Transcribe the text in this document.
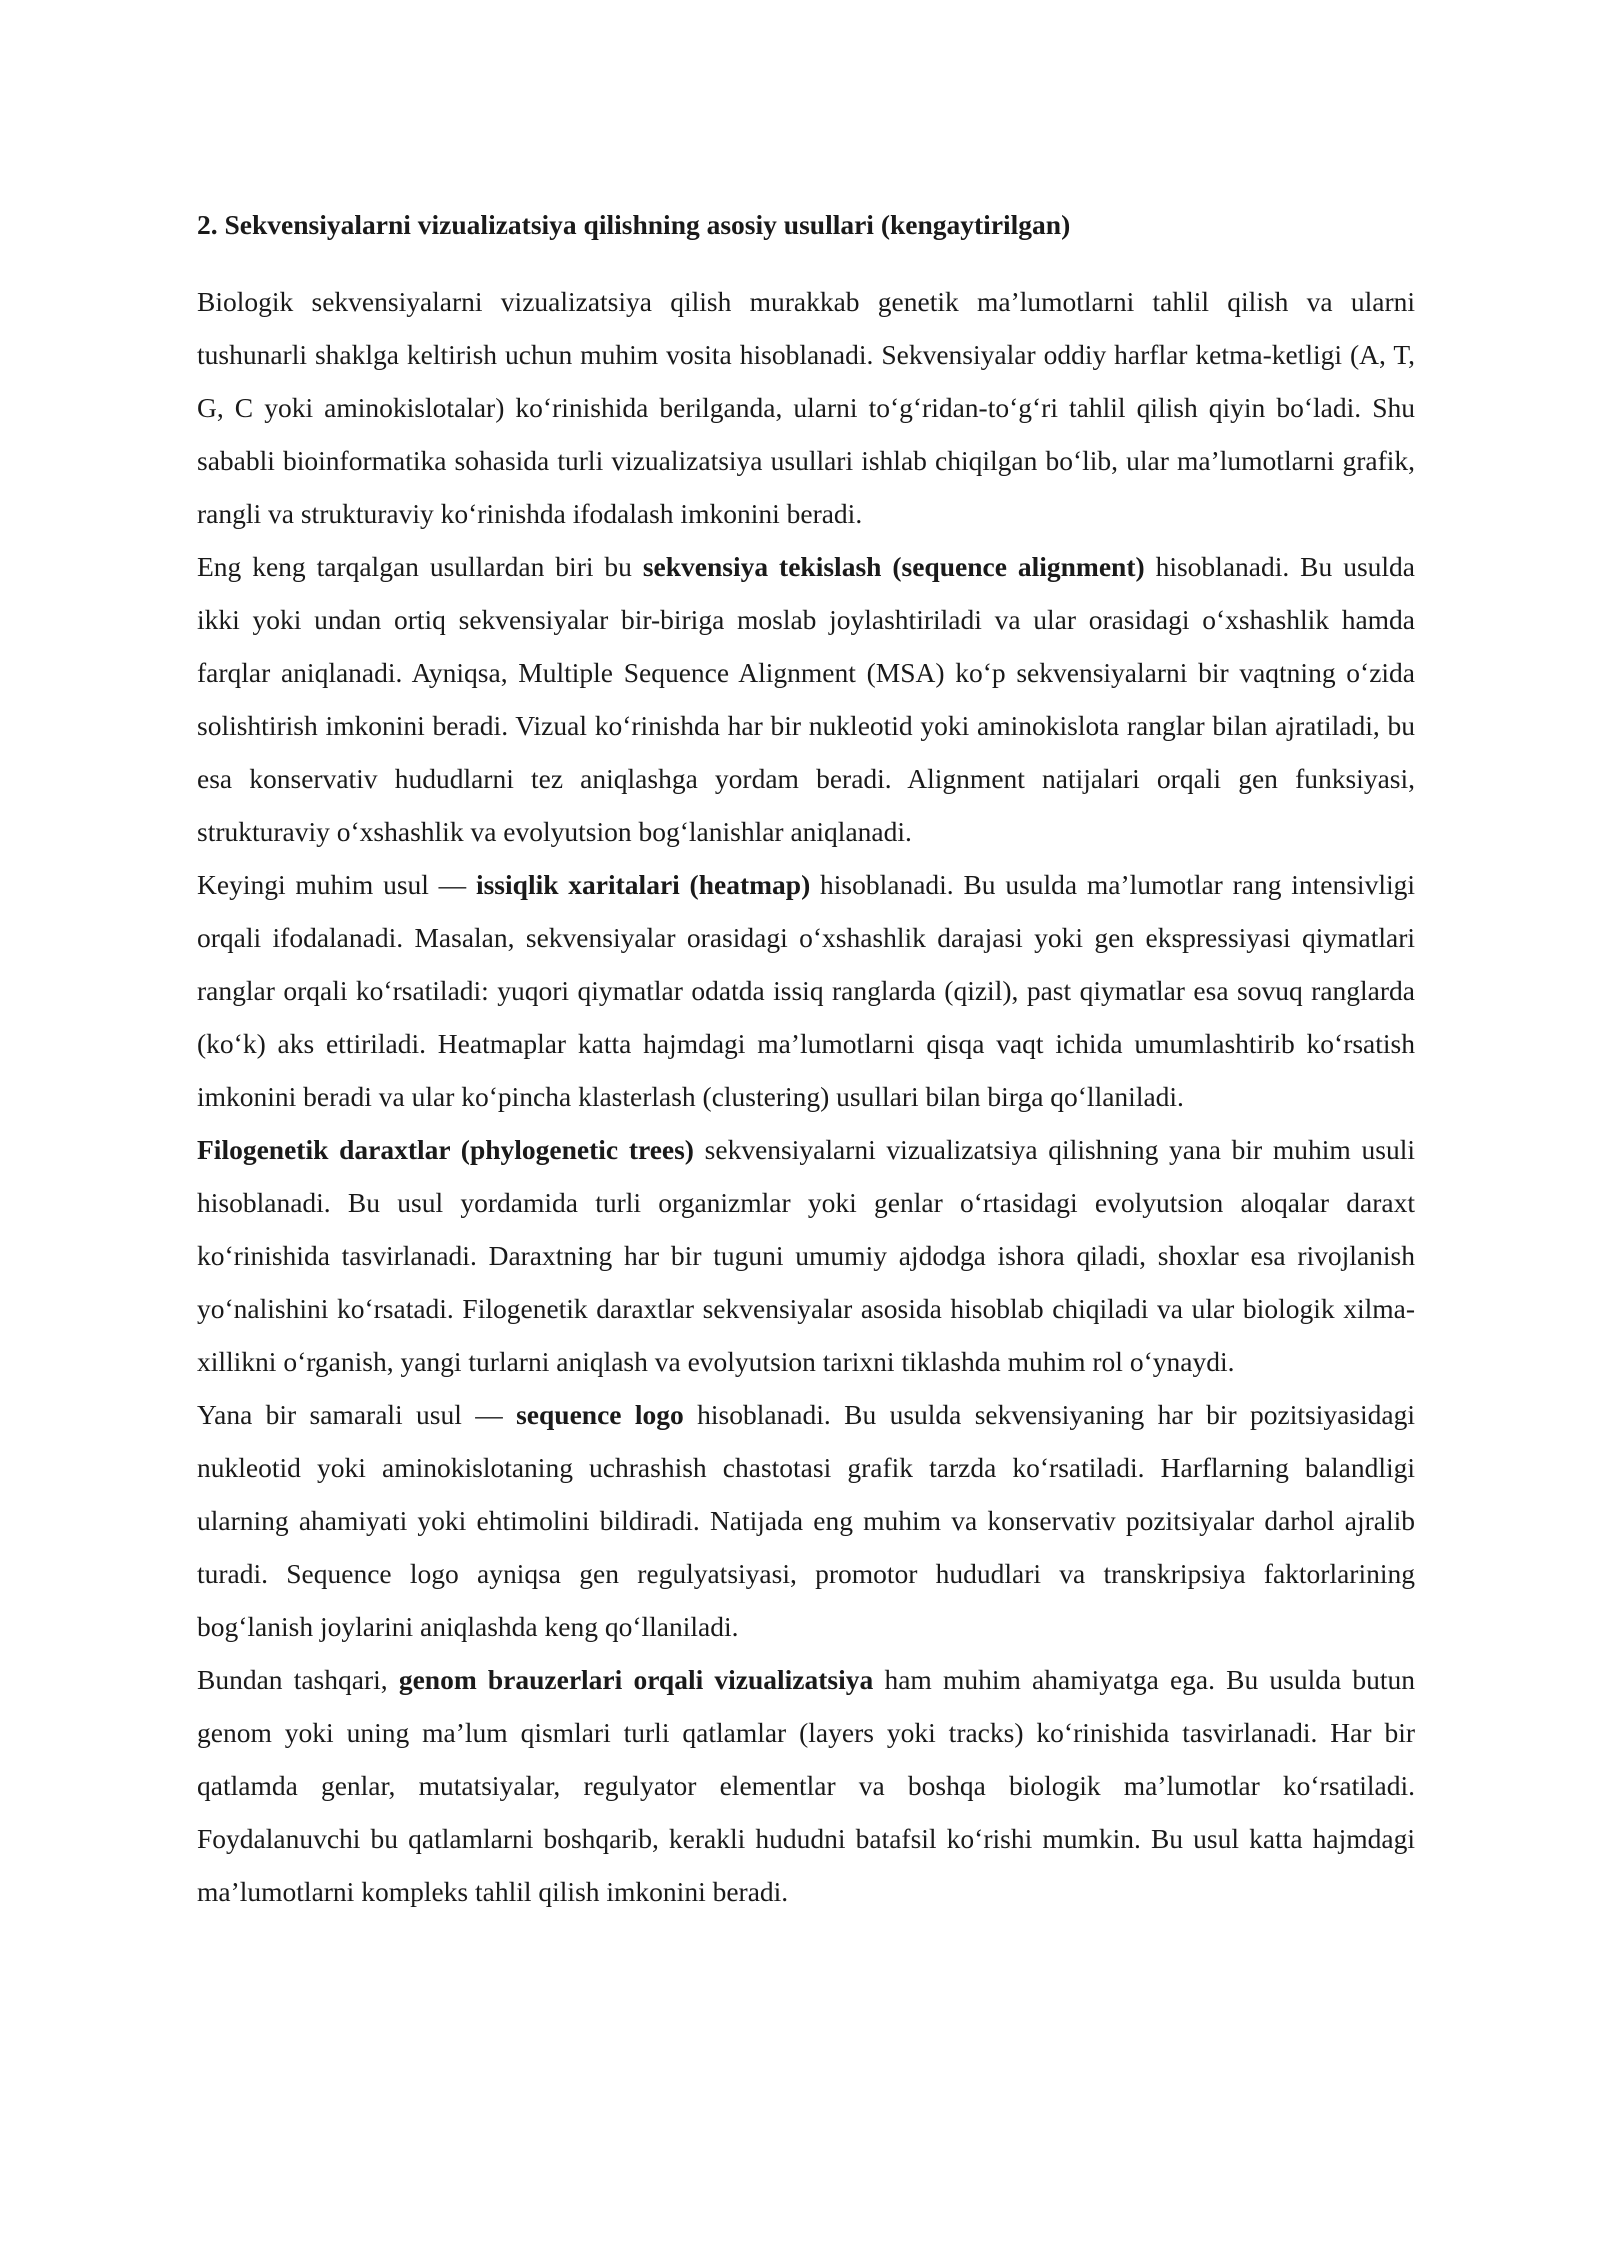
2. Sekvensiyalarni vizualizatsiya qilishning asosiy usullari (kengaytirilgan)

Biologik sekvensiyalarni vizualizatsiya qilish murakkab genetik ma’lumotlarni tahlil qilish va ularni tushunarli shaklga keltirish uchun muhim vosita hisoblanadi. Sekvensiyalar oddiy harflar ketma-ketligi (A, T, G, C yoki aminokislotalar) ko‘rinishida berilganda, ularni to‘g‘ridan-to‘g‘ri tahlil qilish qiyin bo‘ladi. Shu sababli bioinformatika sohasida turli vizualizatsiya usullari ishlab chiqilgan bo‘lib, ular ma’lumotlarni grafik, rangli va strukturaviy ko‘rinishda ifodalash imkonini beradi.

Eng keng tarqalgan usullardan biri bu sekvensiya tekislash (sequence alignment) hisoblanadi. Bu usulda ikki yoki undan ortiq sekvensiyalar bir-biriga moslab joylashtiriladi va ular orasidagi o‘xshashlik hamda farqlar aniqlanadi. Ayniqsa, Multiple Sequence Alignment (MSA) ko‘p sekvensiyalarni bir vaqtning o‘zida solishtirish imkonini beradi. Vizual ko‘rinishda har bir nukleotid yoki aminokislota ranglar bilan ajratiladi, bu esa konservativ hududlarni tez aniqlashga yordam beradi. Alignment natijalari orqali gen funksiyasi, strukturaviy o‘xshashlik va evolyutsion bog‘lanishlar aniqlanadi.

Keyingi muhim usul — issiqlik xaritalari (heatmap) hisoblanadi. Bu usulda ma’lumotlar rang intensivligi orqali ifodalanadi. Masalan, sekvensiyalar orasidagi o‘xshashlik darajasi yoki gen ekspressiyasi qiymatlari ranglar orqali ko‘rsatiladi: yuqori qiymatlar odatda issiq ranglarda (qizil), past qiymatlar esa sovuq ranglarda (ko‘k) aks ettiriladi. Heatmaplar katta hajmdagi ma’lumotlarni qisqa vaqt ichida umumlashtirib ko‘rsatish imkonini beradi va ular ko‘pincha klasterlash (clustering) usullari bilan birga qo‘llaniladi.

Filogenetik daraxtlar (phylogenetic trees) sekvensiyalarni vizualizatsiya qilishning yana bir muhim usuli hisoblanadi. Bu usul yordamida turli organizmlar yoki genlar o‘rtasidagi evolyutsion aloqalar daraxt ko‘rinishida tasvirlanadi. Daraxtning har bir tuguni umumiy ajdodga ishora qiladi, shoxlar esa rivojlanish yo‘nalishini ko‘rsatadi. Filogenetik daraxtlar sekvensiyalar asosida hisoblab chiqiladi va ular biologik xilma-xillikni o‘rganish, yangi turlarni aniqlash va evolyutsion tarixni tiklashda muhim rol o‘ynaydi.

Yana bir samarali usul — sequence logo hisoblanadi. Bu usulda sekvensiyaning har bir pozitsiyasidagi nukleotid yoki aminokislotaning uchrashish chastotasi grafik tarzda ko‘rsatiladi. Harflarning balandligi ularning ahamiyati yoki ehtimolini bildiradi. Natijada eng muhim va konservativ pozitsiyalar darhol ajralib turadi. Sequence logo ayniqsa gen regulyatsiyasi, promotor hududlari va transkripsiya faktorlarining bog‘lanish joylarini aniqlashda keng qo‘llaniladi.

Bundan tashqari, genom brauzerlari orqali vizualizatsiya ham muhim ahamiyatga ega. Bu usulda butun genom yoki uning ma’lum qismlari turli qatlamlar (layers yoki tracks) ko‘rinishida tasvirlanadi. Har bir qatlamda genlar, mutatsiyalar, regulyator elementlar va boshqa biologik ma’lumotlar ko‘rsatiladi. Foydalanuvchi bu qatlamlarni boshqarib, kerakli hududni batafsil ko‘rishi mumkin. Bu usul katta hajmdagi ma’lumotlarni kompleks tahlil qilish imkonini beradi.
